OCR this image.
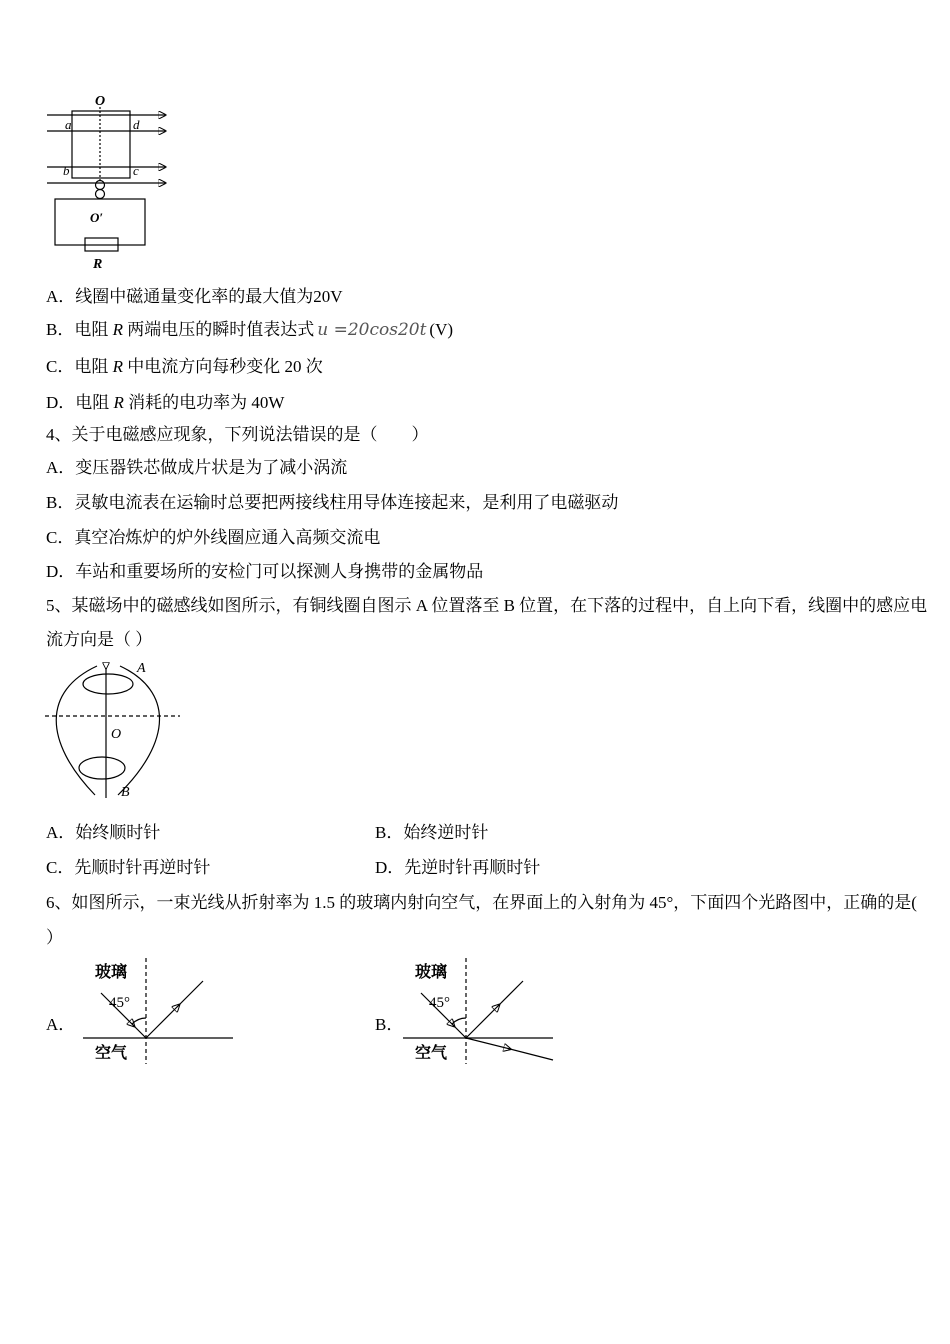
O
a	d
b	c
O′
R
A．线圈中磁通量变化率的最大值为20V
B．电阻 R 两端电压的瞬时值表达式 u =20cos20t (V)
C．电阻 R 中电流方向每秒变化 20 次
D．电阻 R 消耗的电功率为 40W
4、关于电磁感应现象，下列说法错误的是（　　）
A．变压器铁芯做成片状是为了减小涡流
B．灵敏电流表在运输时总要把两接线柱用导体连接起来，是利用了电磁驱动
C．真空冶炼炉的炉外线圈应通入高频交流电
D．车站和重要场所的安检门可以探测人身携带的金属物品
5、某磁场中的磁感线如图所示，有铜线圈自图示 A 位置落至 B 位置，在下落的过程中，自上向下看，线圈中的感应电
流方向是（ ）
A
O
B
A．始终顺时针	B．始终逆时针
C．先顺时针再逆时针	D．先逆时针再顺时针
6、如图所示，一束光线从折射率为 1.5 的玻璃内射向空气，在界面上的入射角为 45°，下面四个光路图中，正确的是(
）
玻璃
空气
45°
玻璃
空气
45°
A．	B．
